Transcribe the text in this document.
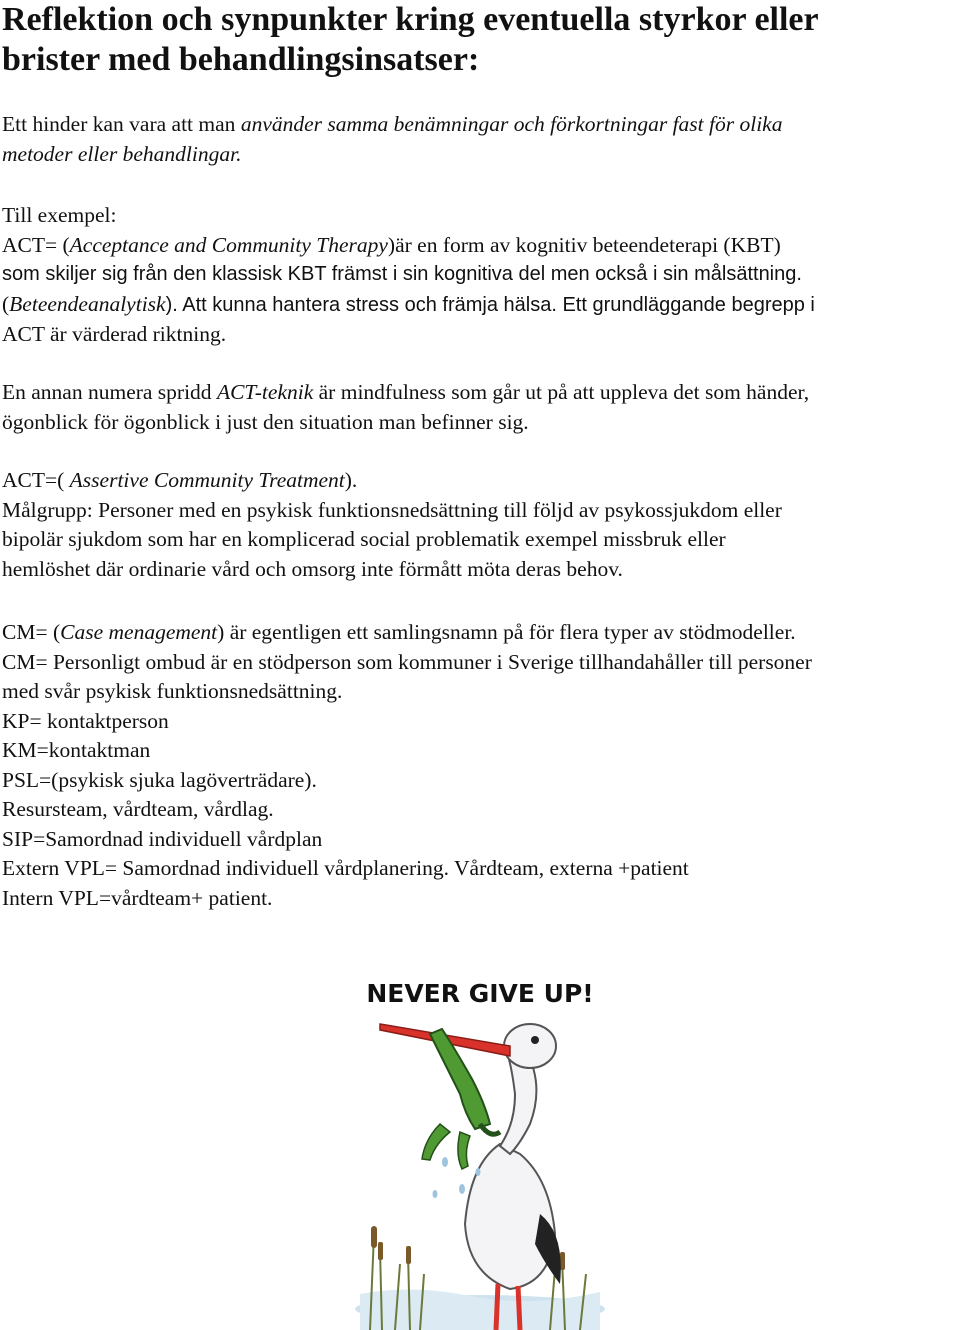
Reflektion och synpunkter kring eventuella styrkor eller
brister med behandlingsinsatser:
Ett hinder kan vara att man använder samma benämningar och förkortningar fast för olika
metoder eller behandlingar.
Till exempel:
ACT= (Acceptance and Community Therapy)är en form av kognitiv beteendeterapi (KBT)
som skiljer sig från den klassisk KBT främst i sin kognitiva del men också i sin målsättning.
(Beteendeanalytisk). Att kunna hantera stress och främja hälsa. Ett grundläggande begrepp i
ACT är värderad riktning.
En annan numera spridd ACT-teknik är mindfulness som går ut på att uppleva det som händer,
ögonblick för ögonblick i just den situation man befinner sig.
ACT=( Assertive Community Treatment).
Målgrupp: Personer med en psykisk funktionsnedsättning till följd av psykossjukdom eller
bipolär sjukdom som har en komplicerad social problematik exempel missbruk eller
hemlöshet där ordinarie vård och omsorg inte förmått möta deras behov.
CM= (Case menagement) är egentligen ett samlingsnamn på för flera typer av stödmodeller.
CM= Personligt ombud är en stödperson som kommuner i Sverige tillhandahåller till personer
med svår psykisk funktionsnedsättning.
KP= kontaktperson
KM=kontaktman
PSL=(psykisk sjuka lagöverträdare).
Resursteam, vårdteam, vårdlag.
SIP=Samordnad individuell vårdplan
Extern VPL= Samordnad individuell vårdplanering. Vårdteam, externa +patient
Intern VPL=vårdteam+ patient.
NEVER GIVE UP!
